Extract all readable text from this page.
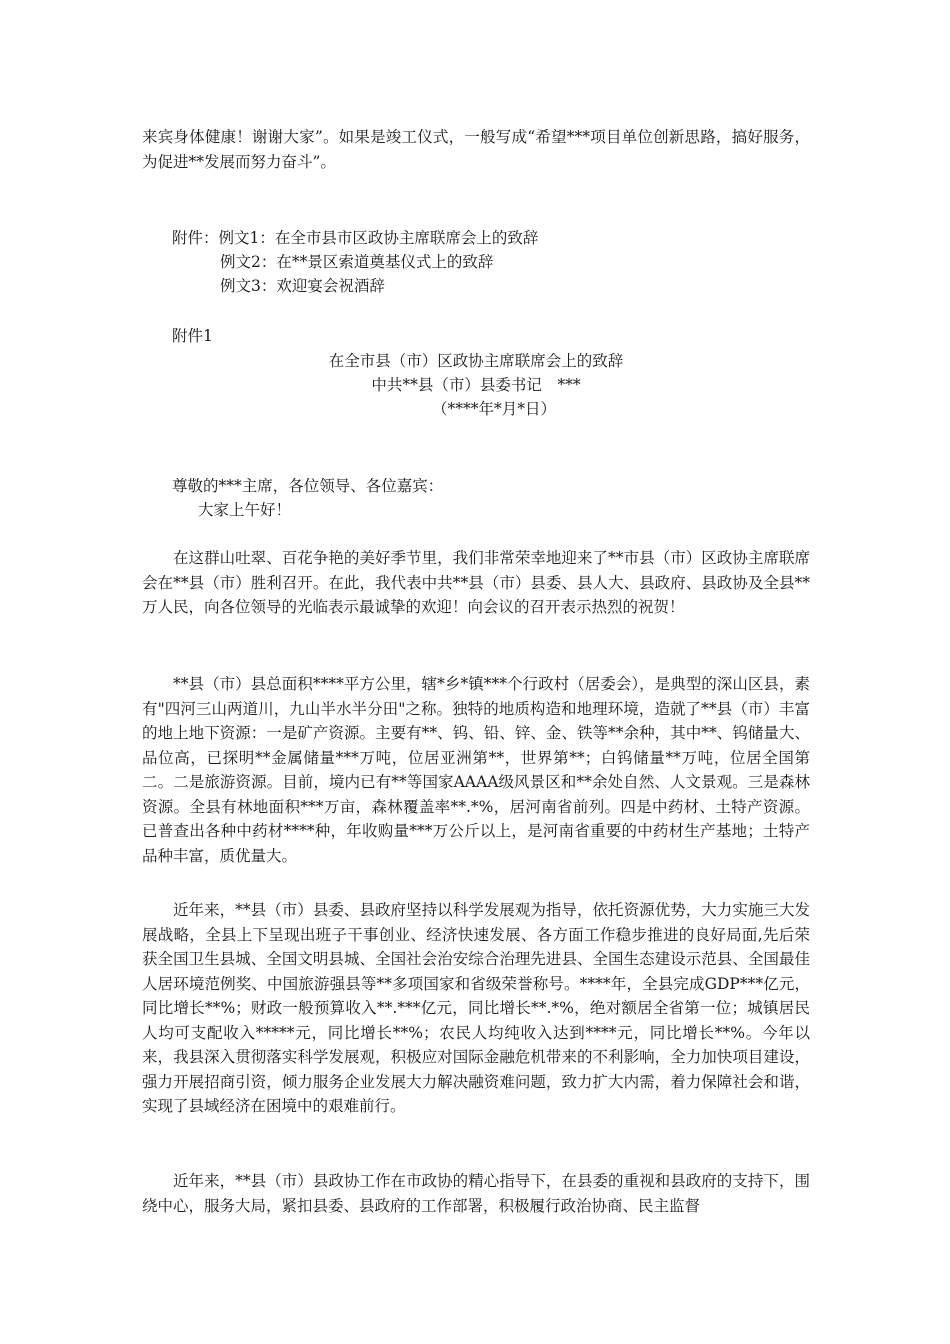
来宾身体健康！谢谢大家”。如果是竣工仪式，一般写成“希望***项目单位创新思路，搞好服务，为促进**发展而努力奋斗”。

附件：例文1：在全市县市区政协主席联席会上的致辞
例文2：在**景区索道奠基仪式上的致辞
例文3：欢迎宴会祝酒辞
附件1
在全市县（市）区政协主席联席会上的致辞
中共**县（市）县委书记　***
（****年*月*日）
尊敬的***主席，各位领导、各位嘉宾：
大家上午好！

在这群山吐翠、百花争艳的美好季节里，我们非常荣幸地迎来了**市县（市）区政协主席联席会在**县（市）胜利召开。在此，我代表中共**县（市）县委、县人大、县政府、县政协及全县**万人民，向各位领导的光临表示最诚挚的欢迎！向会议的召开表示热烈的祝贺！

**县（市）县总面积****平方公里，辖*乡*镇***个行政村（居委会），是典型的深山区县，素有"四河三山两道川，九山半水半分田"之称。独特的地质构造和地理环境，造就了**县（市）丰富的地上地下资源：一是矿产资源。主要有**、钨、铅、锌、金、铁等**余种，其中**、钨储量大、品位高，已探明**金属储量***万吨，位居亚洲第**，世界第**；白钨储量**万吨，位居全国第二。二是旅游资源。目前，境内已有**等国家AAAA级风景区和**余处自然、人文景观。三是森林资源。全县有林地面积***万亩，森林覆盖率**.*%，居河南省前列。四是中药材、土特产资源。已普查出各种中药材****种，年收购量***万公斤以上，是河南省重要的中药材生产基地；土特产品种丰富，质优量大。

近年来，**县（市）县委、县政府坚持以科学发展观为指导，依托资源优势，大力实施三大发展战略，全县上下呈现出班子干事创业、经济快速发展、各方面工作稳步推进的良好局面,先后荣获全国卫生县城、全国文明县城、全国社会治安综合治理先进县、全国生态建设示范县、全国最佳人居环境范例奖、中国旅游强县等**多项国家和省级荣誉称号。****年，全县完成GDP***亿元，同比增长**%；财政一般预算收入**.***亿元，同比增长**.*%，绝对额居全省第一位；城镇居民人均可支配收入*****元，同比增长**%；农民人均纯收入达到****元，同比增长**%。今年以来，我县深入贯彻落实科学发展观，积极应对国际金融危机带来的不利影响，全力加快项目建设，强力开展招商引资，倾力服务企业发展大力解决融资难问题，致力扩大内需，着力保障社会和谐，实现了县域经济在困境中的艰难前行。

近年来，**县（市）县政协工作在市政协的精心指导下，在县委的重视和县政府的支持下，围绕中心，服务大局，紧扣县委、县政府的工作部署，积极履行政治协商、民主监督
